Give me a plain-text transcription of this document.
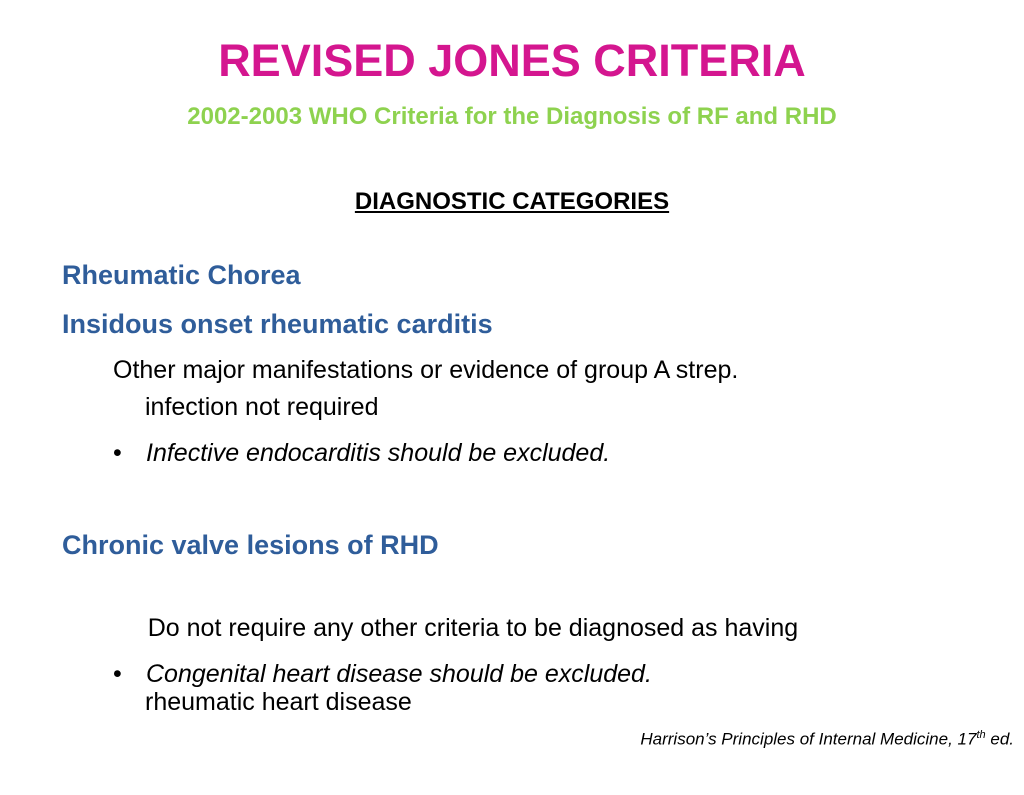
REVISED JONES CRITERIA
2002-2003 WHO Criteria for the Diagnosis of RF and RHD
DIAGNOSTIC CATEGORIES
Rheumatic Chorea
Insidous onset rheumatic carditis
Other major manifestations or evidence of group A strep.
infection not required
• Infective endocarditis should be excluded.
Chronic valve lesions of RHD

Do not require any other criteria to be diagnosed as having

rheumatic heart disease

• Congenital heart disease should be excluded.
Harrison’s Principles of Internal Medicine, 17th ed.
